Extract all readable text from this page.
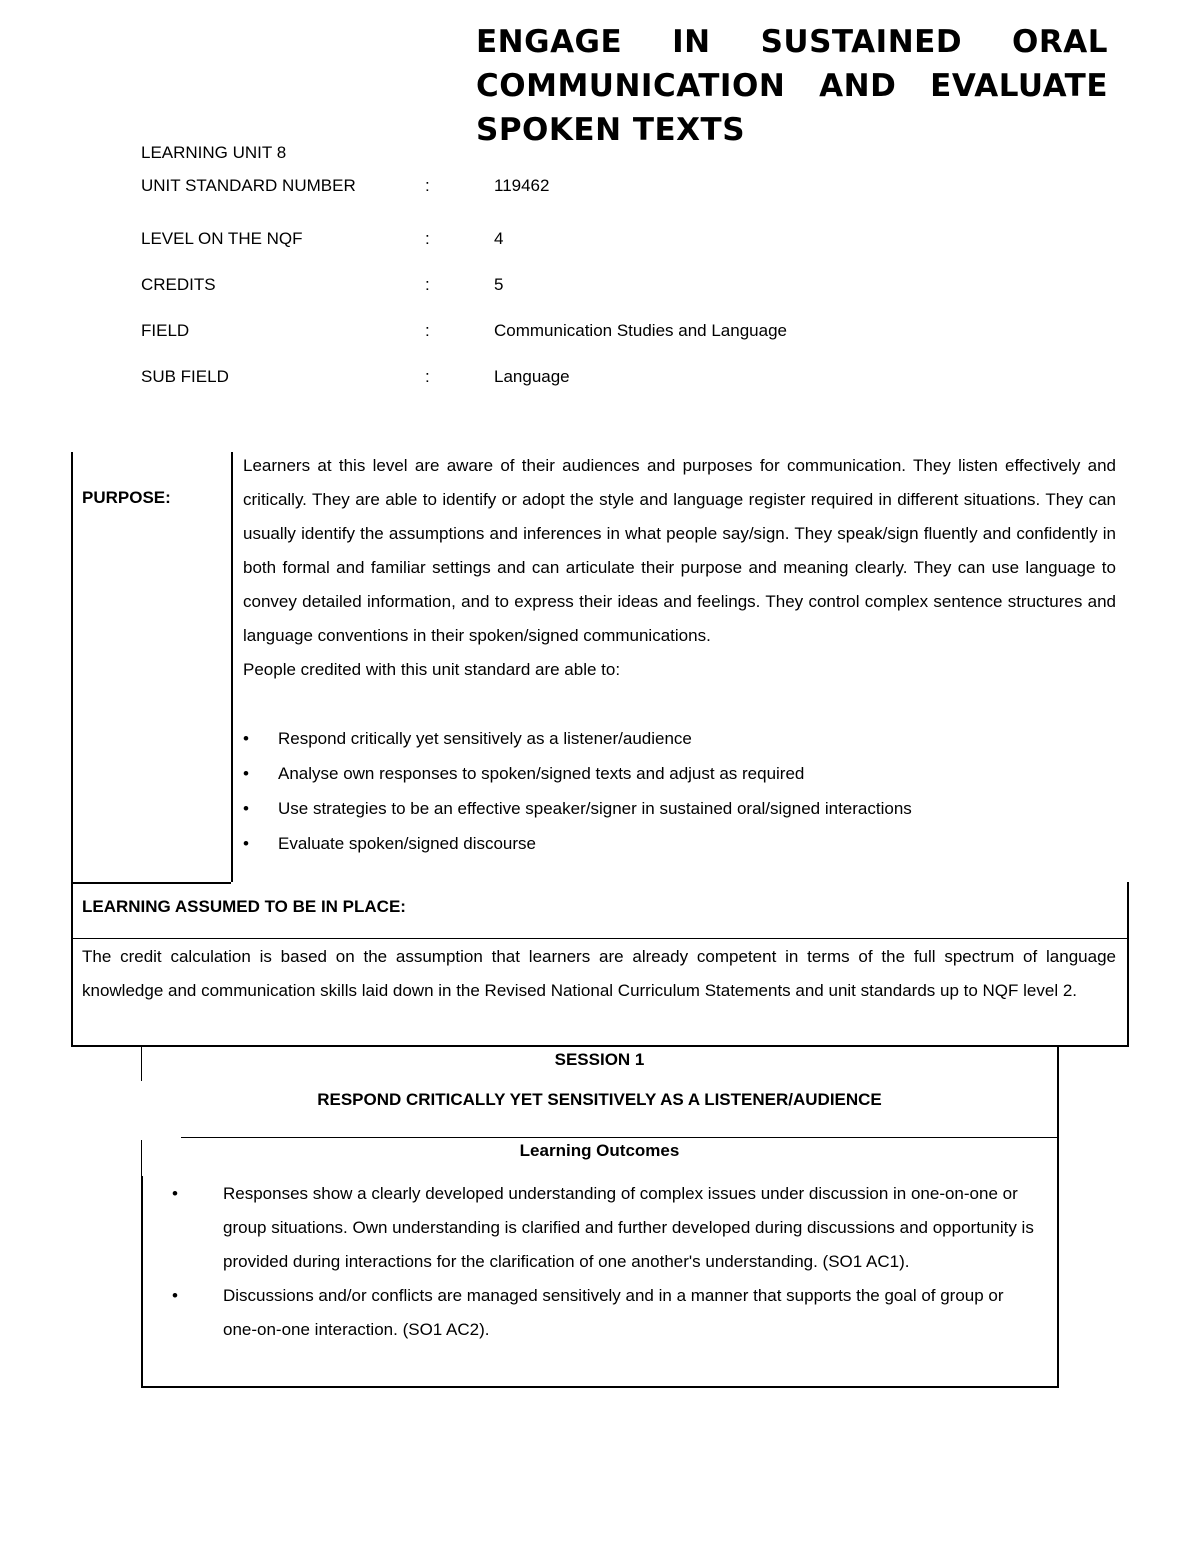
ENGAGE IN SUSTAINED ORAL COMMUNICATION AND EVALUATE SPOKEN TEXTS
LEARNING UNIT 8
UNIT STANDARD NUMBER	:	119462
LEVEL ON THE NQF	:	4
CREDITS	:	5
FIELD	:	Communication Studies and Language
SUB FIELD	:	Language
PURPOSE:
Learners at this level are aware of their audiences and purposes for communication. They listen effectively and critically. They are able to identify or adopt the style and language register required in different situations. They can usually identify the assumptions and inferences in what people say/sign. They speak/sign fluently and confidently in both formal and familiar settings and can articulate their purpose and meaning clearly. They can use language to convey detailed information, and to express their ideas and feelings. They control complex sentence structures and language conventions in their spoken/signed communications.
People credited with this unit standard are able to:
• Respond critically yet sensitively as a listener/audience
• Analyse own responses to spoken/signed texts and adjust as required
• Use strategies to be an effective speaker/signer in sustained oral/signed interactions
• Evaluate spoken/signed discourse
LEARNING ASSUMED TO BE IN PLACE:
The credit calculation is based on the assumption that learners are already competent in terms of the full spectrum of language knowledge and communication skills laid down in the Revised National Curriculum Statements and unit standards up to NQF level 2.
SESSION 1
RESPOND CRITICALLY YET SENSITIVELY AS A LISTENER/AUDIENCE
Learning Outcomes
• Responses show a clearly developed understanding of complex issues under discussion in one-on-one or group situations. Own understanding is clarified and further developed during discussions and opportunity is provided during interactions for the clarification of one another's understanding. (SO1 AC1).
• Discussions and/or conflicts are managed sensitively and in a manner that supports the goal of group or one-on-one interaction. (SO1 AC2).
